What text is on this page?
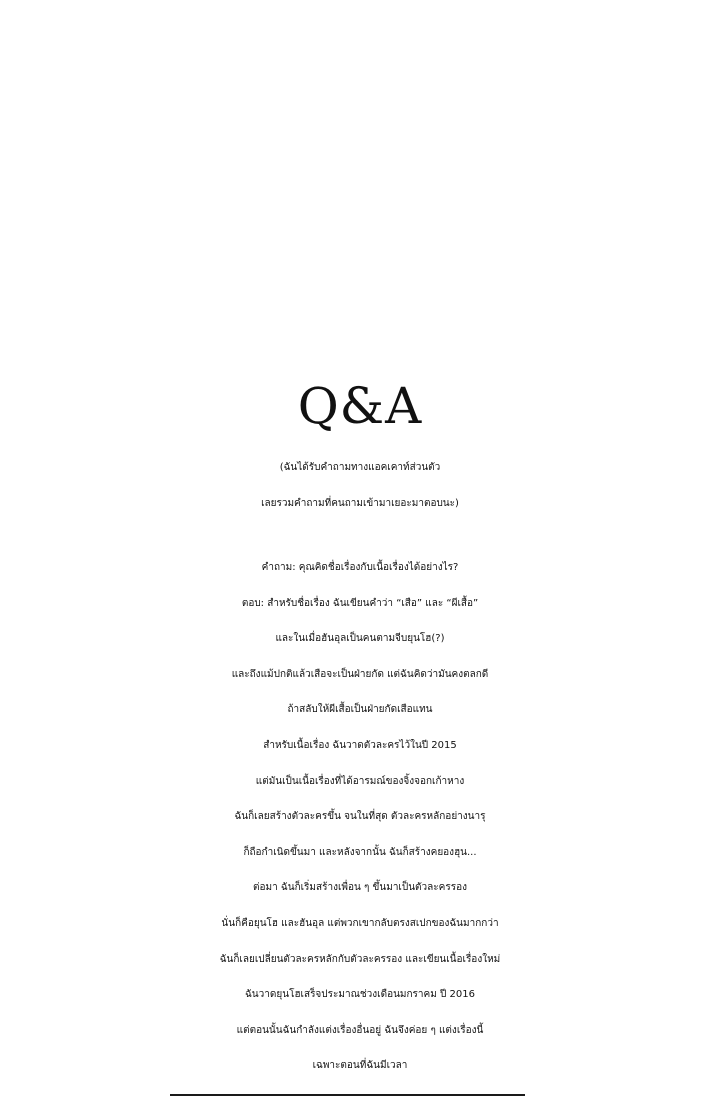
Q&A
(ฉันได้รับคำถามทางแอคเคาท์ส่วนตัว
เลยรวมคำถามที่คนถามเข้ามาเยอะมาตอบนะ)
คำถาม: คุณคิดชื่อเรื่องกับเนื้อเรื่องได้อย่างไร?
ตอบ: สำหรับชื่อเรื่อง ฉันเขียนคำว่า “เสือ” และ “ผีเสื้อ”
และในเมื่อฮันอุลเป็นคนตามจีบยุนโฮ(?)
และถึงแม้ปกติแล้วเสือจะเป็นฝ่ายกัด แต่ฉันคิดว่ามันคงตลกดี
ถ้าสลับให้ผีเสื้อเป็นฝ่ายกัดเสือแทน
สำหรับเนื้อเรื่อง ฉันวาดตัวละครไว้ในปี 2015
แต่มันเป็นเนื้อเรื่องที่ได้อารมณ์ของจิ้งจอกเก้าหาง
ฉันก็เลยสร้างตัวละครขึ้น จนในที่สุด ตัวละครหลักอย่างนารุ
ก็ถือกำเนิดขึ้นมา และหลังจากนั้น ฉันก็สร้างคยองฮุน...
ต่อมา ฉันก็เริ่มสร้างเพื่อน ๆ ขึ้นมาเป็นตัวละครรอง
นั่นก็คือยุนโฮ และฮันอุล แต่พวกเขากลับตรงสเปกของฉันมากกว่า
ฉันก็เลยเปลี่ยนตัวละครหลักกับตัวละครรอง และเขียนเนื้อเรื่องใหม่
ฉันวาดยุนโฮเสร็จประมาณช่วงเดือนมกราคม ปี 2016
แต่ตอนนั้นฉันกำลังแต่งเรื่องอื่นอยู่ ฉันจึงค่อย ๆ แต่งเรื่องนี้
เฉพาะตอนที่ฉันมีเวลา
